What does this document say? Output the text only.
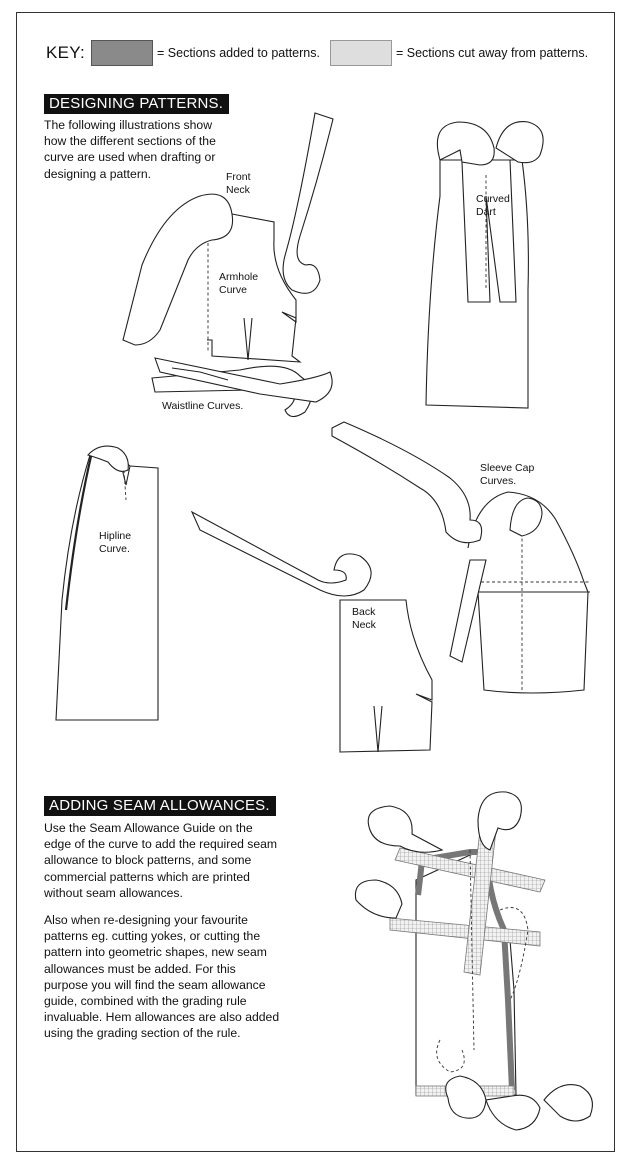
KEY:	= Sections added to patterns.	= Sections cut away from patterns.
DESIGNING PATTERNS.
The following illustrations show
how the different sections of the
curve are used when drafting or
designing a pattern.	Front
Neck
Armhole
Curve
Waistline Curves.
Curved
Dart
Sleeve Cap
Curves.
Hipline
Curve.
Back
Neck
ADDING SEAM ALLOWANCES.
Use the Seam Allowance Guide on the
edge of the curve to add the required seam
allowance to block patterns, and some
commercial patterns which are printed
without seam allowances.
Also when re-designing your favourite
patterns eg. cutting yokes, or cutting the
pattern into geometric shapes, new seam
allowances must be added. For this
purpose you will find the seam allowance
guide, combined with the grading rule
invaluable. Hem allowances are also added
using the grading section of the rule.
